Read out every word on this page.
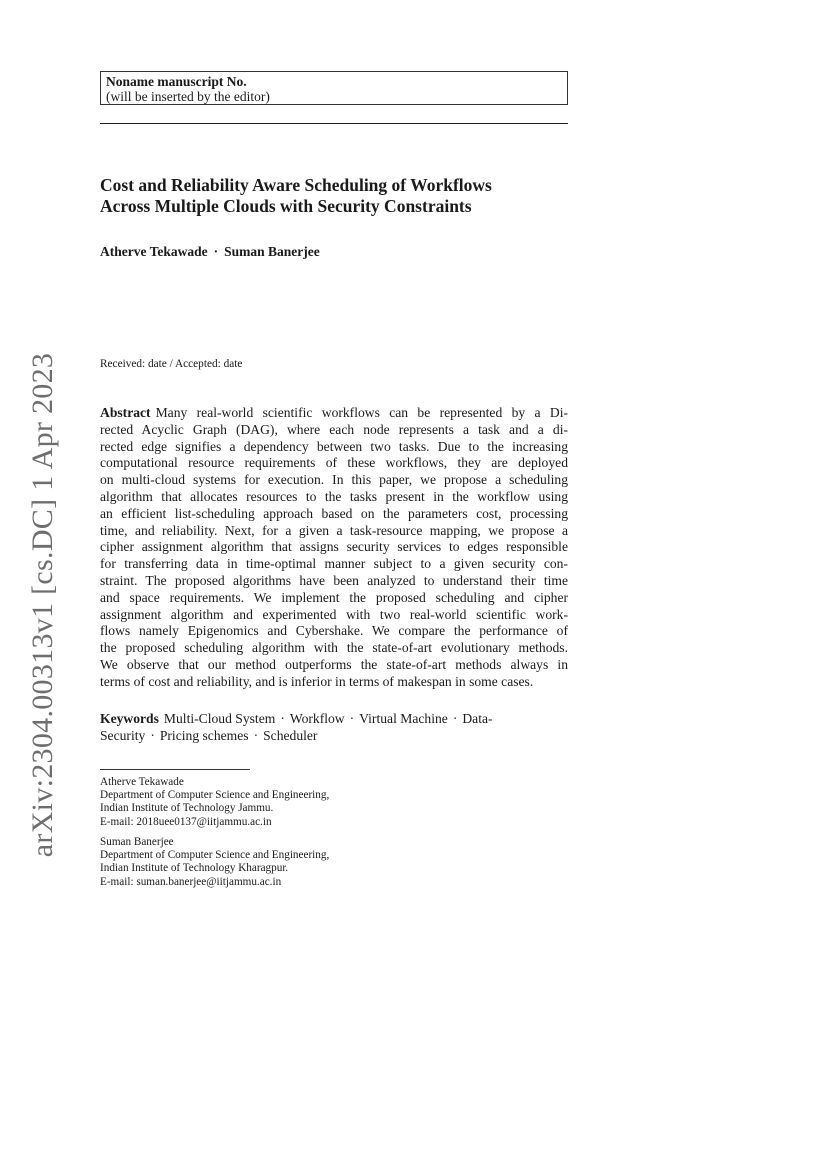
arXiv:2304.00313v1 [cs.DC] 1 Apr 2023
Noname manuscript No.
(will be inserted by the editor)
Cost and Reliability Aware Scheduling of Workflows
Across Multiple Clouds with Security Constraints
Atherve Tekawade · Suman Banerjee
Received: date / Accepted: date
Abstract Many real-world scientific workflows can be represented by a Di-
rected Acyclic Graph (DAG), where each node represents a task and a di-
rected edge signifies a dependency between two tasks. Due to the increasing
computational resource requirements of these workflows, they are deployed
on multi-cloud systems for execution. In this paper, we propose a scheduling
algorithm that allocates resources to the tasks present in the workflow using
an efficient list-scheduling approach based on the parameters cost, processing
time, and reliability. Next, for a given a task-resource mapping, we propose a
cipher assignment algorithm that assigns security services to edges responsible
for transferring data in time-optimal manner subject to a given security con-
straint. The proposed algorithms have been analyzed to understand their time
and space requirements. We implement the proposed scheduling and cipher
assignment algorithm and experimented with two real-world scientific work-
flows namely Epigenomics and Cybershake. We compare the performance of
the proposed scheduling algorithm with the state-of-art evolutionary methods.
We observe that our method outperforms the state-of-art methods always in
terms of cost and reliability, and is inferior in terms of makespan in some cases.
Keywords Multi-Cloud System · Workflow · Virtual Machine · Data-
Security · Pricing schemes · Scheduler
Atherve Tekawade
Department of Computer Science and Engineering,
Indian Institute of Technology Jammu.
E-mail: 2018uee0137@iitjammu.ac.in
Suman Banerjee
Department of Computer Science and Engineering,
Indian Institute of Technology Kharagpur.
E-mail: suman.banerjee@iitjammu.ac.in
